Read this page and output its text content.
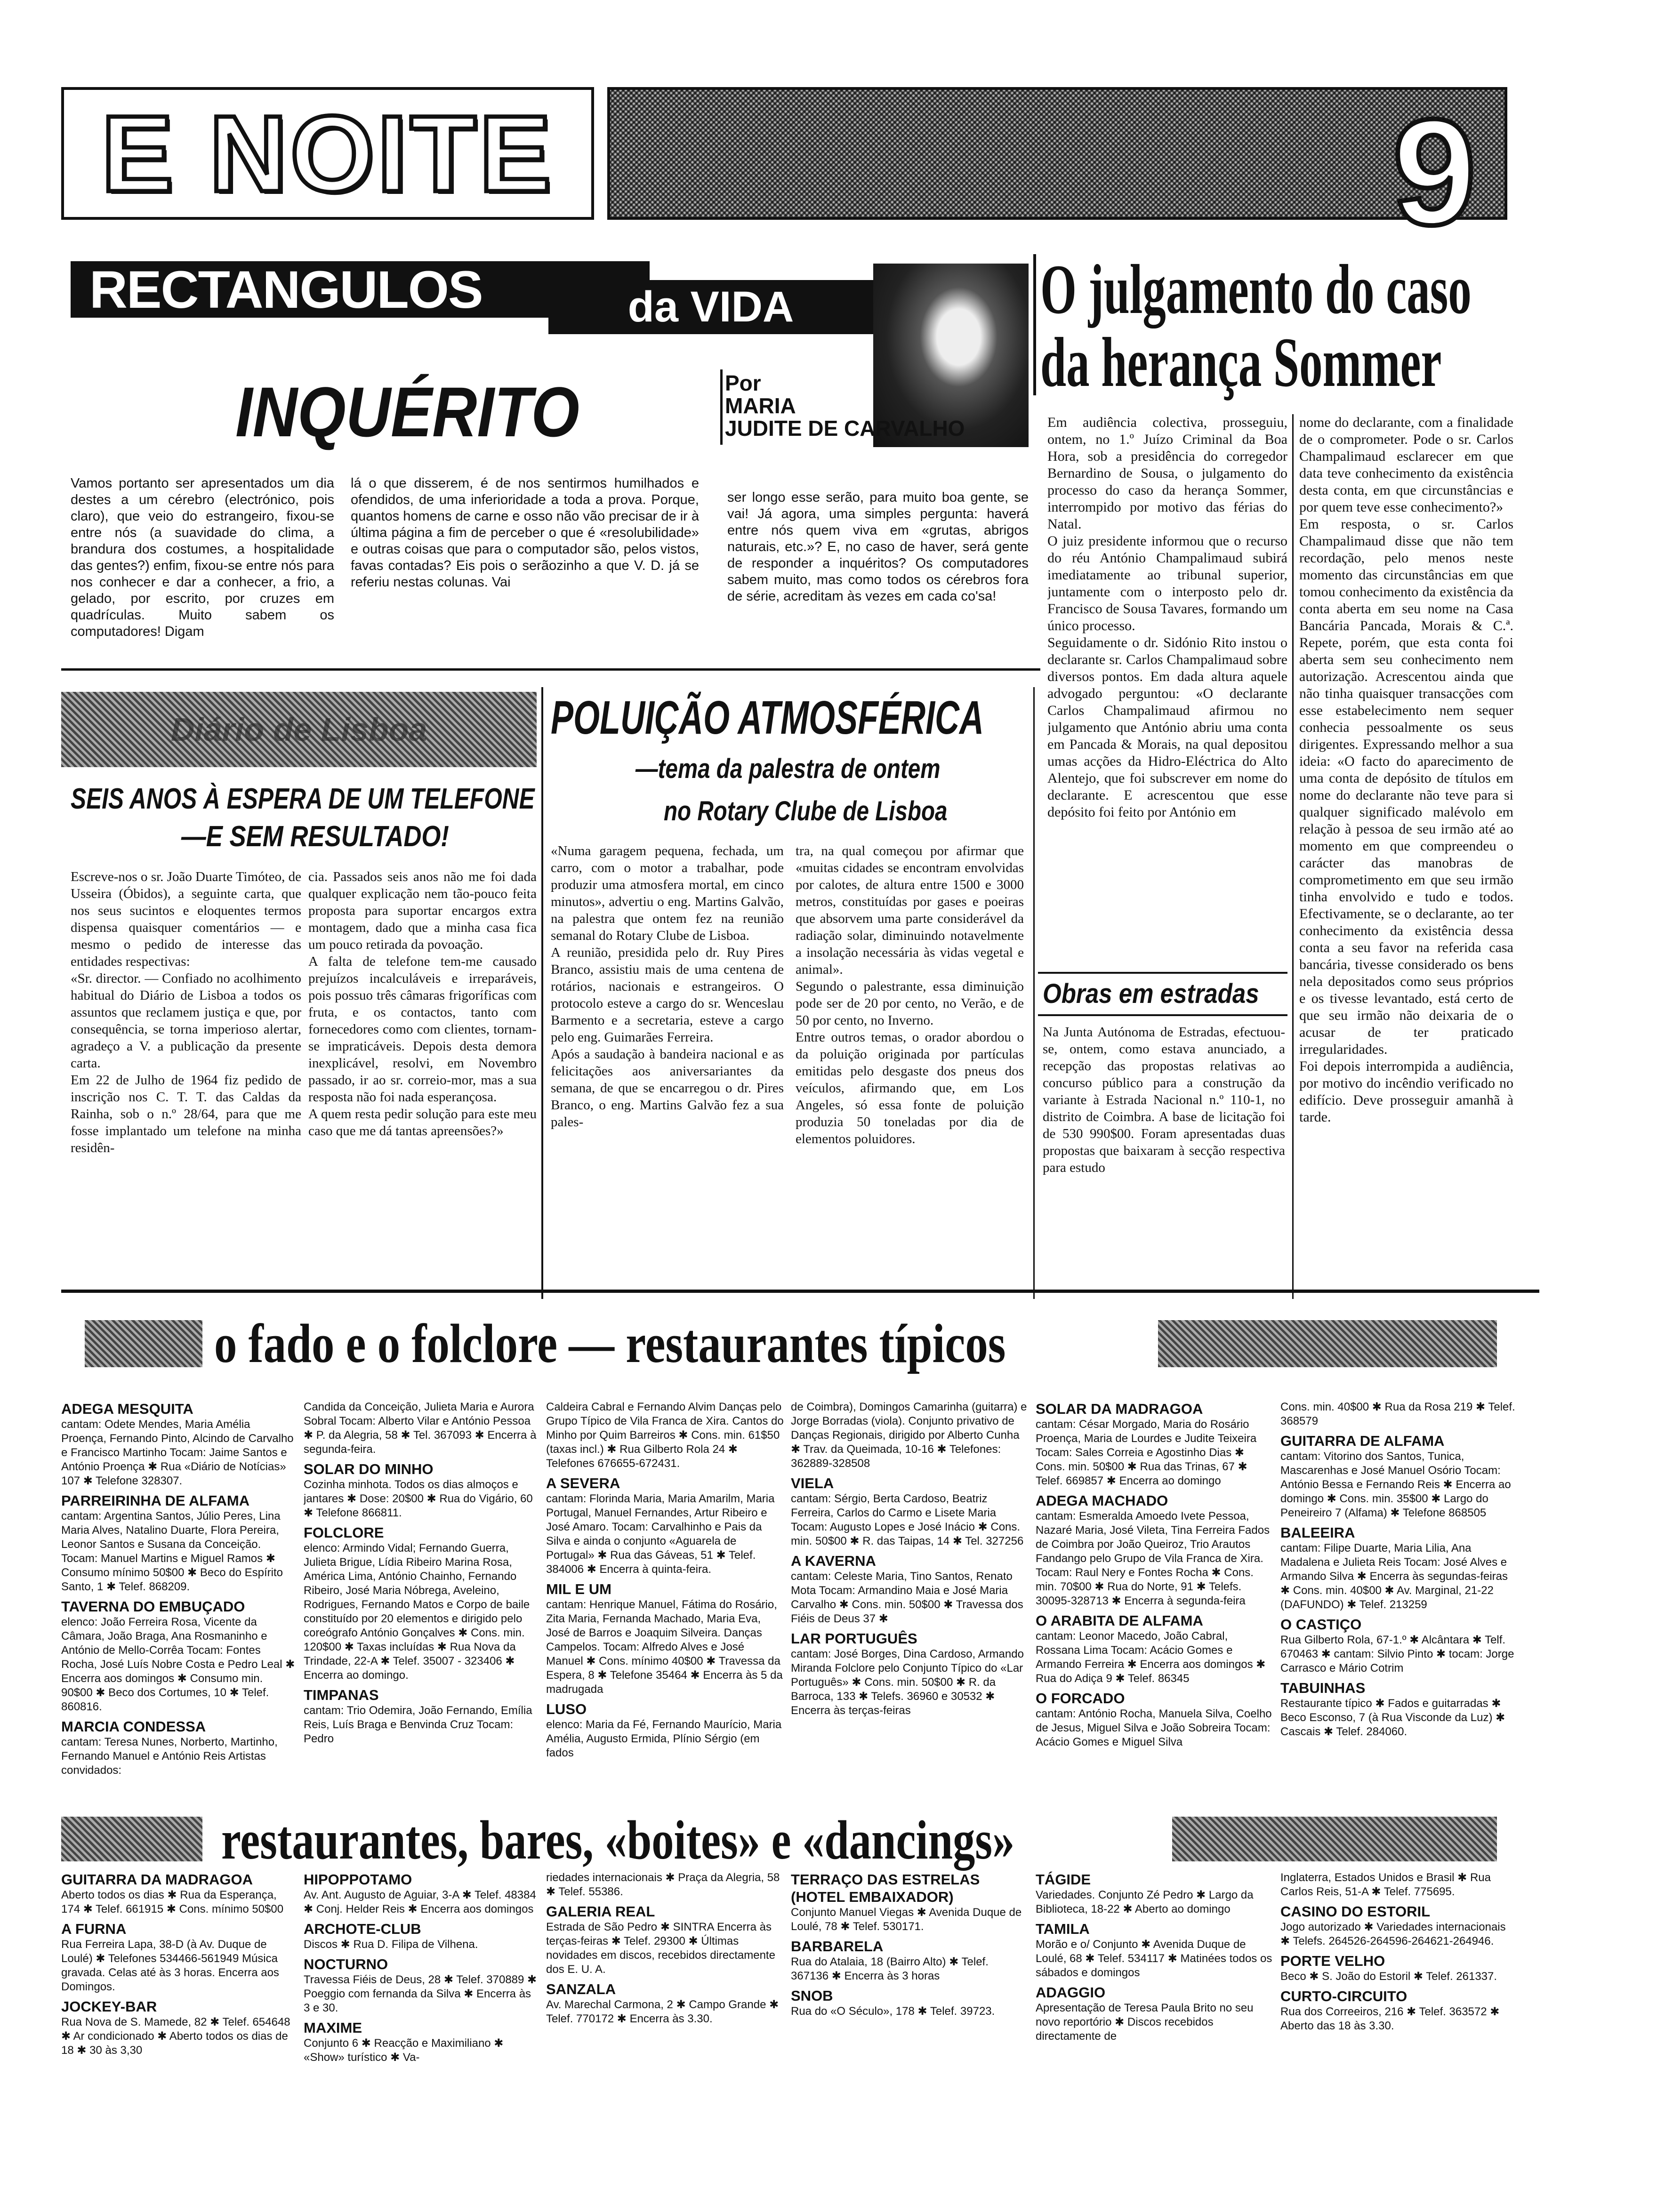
E NOITE	9
RECTANGULOS	da VIDA
INQUÉRITO	Por
MARIA
JUDITE DE CARVALHO
Vamos portanto ser apresentados um dia destes a um cérebro (electrónico, pois claro), que veio do estrangeiro, fixou-se entre nós (a suavidade do clima, a brandura dos costumes, a hospitalidade das gentes?) enfim, fixou-se entre nós para nos conhecer e dar a conhecer, a frio, a gelado, por escrito, por cruzes em quadrículas. Muito sabem os computadores! Digam
lá o que disserem, é de nos sentirmos humilhados e ofendidos, de uma inferioridade a toda a prova. Porque, quantos homens de carne e osso não vão precisar de ir à última página a fim de perceber o que é «resolubilidade» e outras coisas que para o computador são, pelos vistos, favas contadas? Eis pois o serãozinho a que V. D. já se referiu nestas colunas. Vai
ser longo esse serão, para muito boa gente, se vai! Já agora, uma simples pergunta: haverá entre nós quem viva em «grutas, abrigos naturais, etc.»? E, no caso de haver, será gente de responder a inquéritos? Os computadores sabem muito, mas como todos os cérebros fora de série, acreditam às vezes em cada co'sa!
O julgamento do caso
da herança Sommer
Em audiência colectiva, prosseguiu, ontem, no 1.º Juízo Criminal da Boa Hora, sob a presidência do corregedor Bernardino de Sousa, o julgamento do processo do caso da herança Sommer, interrompido por motivo das férias do Natal.
O juiz presidente informou que o recurso do réu António Champalimaud subirá imediatamente ao tribunal superior, juntamente com o interposto pelo dr. Francisco de Sousa Tavares, formando um único processo.
Seguidamente o dr. Sidónio Rito instou o declarante sr. Carlos Champalimaud sobre diversos pontos. Em dada altura aquele advogado perguntou: «O declarante Carlos Champalimaud afirmou no julgamento que António abriu uma conta em Pancada & Morais, na qual depositou umas acções da Hidro-Eléctrica do Alto Alentejo, que foi subscrever em nome do declarante. E acrescentou que esse depósito foi feito por António em
nome do declarante, com a finalidade de o comprometer. Pode o sr. Carlos Champalimaud esclarecer em que data teve conhecimento da existência desta conta, em que circunstâncias e por quem teve esse conhecimento?»
Em resposta, o sr. Carlos Champalimaud disse que não tem recordação, pelo menos neste momento das circunstâncias em que tomou conhecimento da existência da conta aberta em seu nome na Casa Bancária Pancada, Morais & C.ª. Repete, porém, que esta conta foi aberta sem seu conhecimento nem autorização. Acrescentou ainda que não tinha quaisquer transacções com esse estabelecimento nem sequer conhecia pessoalmente os seus dirigentes. Expressando melhor a sua ideia: «O facto do aparecimento de uma conta de depósito de títulos em nome do declarante não teve para si qualquer significado malévolo em relação à pessoa de seu irmão até ao momento em que compreendeu o carácter das manobras de comprometimento em que seu irmão tinha envolvido e tudo e todos. Efectivamente, se o declarante, ao ter conhecimento da existência dessa conta a seu favor na referida casa bancária, tivesse considerado os bens nela depositados como seus próprios e os tivesse levantado, está certo de que seu irmão não deixaria de o acusar de ter praticado irregularidades.
Foi depois interrompida a audiência, por motivo do incêndio verificado no edifício. Deve prosseguir amanhã à tarde.
Diário de Lisboa
SEIS ANOS À ESPERA DE UM TELEFONE
—E SEM RESULTADO!
Escreve-nos o sr. João Duarte Timóteo, de Usseira (Óbidos), a seguinte carta, que nos seus sucintos e eloquentes termos dispensa quaisquer comentários — e mesmo o pedido de interesse das entidades respectivas:
«Sr. director. — Confiado no acolhimento habitual do Diário de Lisboa a todos os assuntos que reclamem justiça e que, por consequência, se torna imperioso alertar, agradeço a V. a publicação da presente carta.
Em 22 de Julho de 1964 fiz pedido de inscrição nos C. T. T. das Caldas da Rainha, sob o n.º 28/64, para que me fosse implantado um telefone na minha residên-
cia. Passados seis anos não me foi dada qualquer explicação nem tão-pouco feita proposta para suportar encargos extra montagem, dado que a minha casa fica um pouco retirada da povoação.
A falta de telefone tem-me causado prejuízos incalculáveis e irreparáveis, pois possuo três câmaras frigoríficas com fruta, e os contactos, tanto com fornecedores como com clientes, tornam-se impraticáveis. Depois desta demora inexplicável, resolvi, em Novembro passado, ir ao sr. correio-mor, mas a sua resposta não foi nada esperançosa.
A quem resta pedir solução para este meu caso que me dá tantas apreensões?»
POLUIÇÃO ATMOSFÉRICA
—tema da palestra de ontem
no Rotary Clube de Lisboa
«Numa garagem pequena, fechada, um carro, com o motor a trabalhar, pode produzir uma atmosfera mortal, em cinco minutos», advertiu o eng. Martins Galvão, na palestra que ontem fez na reunião semanal do Rotary Clube de Lisboa.
A reunião, presidida pelo dr. Ruy Pires Branco, assistiu mais de uma centena de rotários, nacionais e estrangeiros. O protocolo esteve a cargo do sr. Wenceslau Barmento e a secretaria, esteve a cargo pelo eng. Guimarães Ferreira.
Após a saudação à bandeira nacional e as felicitações aos aniversariantes da semana, de que se encarregou o dr. Pires Branco, o eng. Martins Galvão fez a sua pales-
tra, na qual começou por afirmar que «muitas cidades se encontram envolvidas por calotes, de altura entre 1500 e 3000 metros, constituídas por gases e poeiras que absorvem uma parte considerável da radiação solar, diminuindo notavelmente a insolação necessária às vidas vegetal e animal».
Segundo o palestrante, essa diminuição pode ser de 20 por cento, no Verão, e de 50 por cento, no Inverno.
Entre outros temas, o orador abordou o da poluição originada por partículas emitidas pelo desgaste dos pneus dos veículos, afirmando que, em Los Angeles, só essa fonte de poluição produzia 50 toneladas por dia de elementos poluidores.
Obras em estradas
Na Junta Autónoma de Estradas, efectuou-se, ontem, como estava anunciado, a recepção das propostas relativas ao concurso público para a construção da variante à Estrada Nacional n.º 110-1, no distrito de Coimbra. A base de licitação foi de 530 990$00. Foram apresentadas duas propostas que baixaram à secção respectiva para estudo
o fado e o folclore — restaurantes típicos
ADEGA MESQUITA
cantam: Odete Mendes, Maria Amélia Proença, Fernando Pinto, Alcindo de Carvalho e Francisco Martinho Tocam: Jaime Santos e António Proença ✱ Rua «Diário de Notícias» 107 ✱ Telefone 328307.
PARREIRINHA DE ALFAMA
cantam: Argentina Santos, Júlio Peres, Lina Maria Alves, Natalino Duarte, Flora Pereira, Leonor Santos e Susana da Conceição. Tocam: Manuel Martins e Miguel Ramos ✱ Consumo mínimo 50$00 ✱ Beco do Espírito Santo, 1 ✱ Telef. 868209.
TAVERNA DO EMBUÇADO
elenco: João Ferreira Rosa, Vicente da Câmara, João Braga, Ana Rosmaninho e António de Mello-Corrêa Tocam: Fontes Rocha, José Luís Nobre Costa e Pedro Leal ✱ Encerra aos domingos ✱ Consumo min. 90$00 ✱ Beco dos Cortumes, 10 ✱ Telef. 860816.
MARCIA CONDESSA
cantam: Teresa Nunes, Norberto, Martinho, Fernando Manuel e António Reis Artistas convidados:
Candida da Conceição, Julieta Maria e Aurora Sobral Tocam: Alberto Vilar e António Pessoa ✱ P. da Alegria, 58 ✱ Tel. 367093 ✱ Encerra à segunda-feira.
SOLAR DO MINHO
Cozinha minhota. Todos os dias almoços e jantares ✱ Dose: 20$00 ✱ Rua do Vigário, 60 ✱ Telefone 866811.
FOLCLORE
elenco: Armindo Vidal; Fernando Guerra, Julieta Brigue, Lídia Ribeiro Marina Rosa, América Lima, António Chainho, Fernando Ribeiro, José Maria Nóbrega, Aveleino, Rodrigues, Fernando Matos e Corpo de baile constituído por 20 elementos e dirigido pelo coreógrafo António Gonçalves ✱ Cons. min. 120$00 ✱ Taxas incluídas ✱ Rua Nova da Trindade, 22-A ✱ Telef. 35007 - 323406 ✱ Encerra ao domingo.
TIMPANAS
cantam: Trio Odemira, João Fernando, Emília Reis, Luís Braga e Benvinda Cruz Tocam: Pedro
Caldeira Cabral e Fernando Alvim Danças pelo Grupo Típico de Vila Franca de Xira. Cantos do Minho por Quim Barreiros ✱ Cons. min. 61$50 (taxas incl.) ✱ Rua Gilberto Rola 24 ✱ Telefones 676655-672431.
A SEVERA
cantam: Florinda Maria, Maria Amarilm, Maria Portugal, Manuel Fernandes, Artur Ribeiro e José Amaro. Tocam: Carvalhinho e Pais da Silva e ainda o conjunto «Aguarela de Portugal» ✱ Rua das Gáveas, 51 ✱ Telef. 384006 ✱ Encerra à quinta-feira.
MIL E UM
cantam: Henrique Manuel, Fátima do Rosário, Zita Maria, Fernanda Machado, Maria Eva, José de Barros e Joaquim Silveira. Danças Campelos. Tocam: Alfredo Alves e José Manuel ✱ Cons. mínimo 40$00 ✱ Travessa da Espera, 8 ✱ Telefone 35464 ✱ Encerra às 5 da madrugada
LUSO
elenco: Maria da Fé, Fernando Maurício, Maria Amélia, Augusto Ermida, Plínio Sérgio (em fados
de Coimbra), Domingos Camarinha (guitarra) e Jorge Borradas (viola). Conjunto privativo de Danças Regionais, dirigido por Alberto Cunha ✱ Trav. da Queimada, 10-16 ✱ Telefones: 362889-328508
VIELA
cantam: Sérgio, Berta Cardoso, Beatriz Ferreira, Carlos do Carmo e Lisete Maria Tocam: Augusto Lopes e José Inácio ✱ Cons. min. 50$00 ✱ R. das Taipas, 14 ✱ Tel. 327256
A KAVERNA
cantam: Celeste Maria, Tino Santos, Renato Mota Tocam: Armandino Maia e José Maria Carvalho ✱ Cons. min. 50$00 ✱ Travessa dos Fiéis de Deus 37 ✱
LAR PORTUGUÊS
cantam: José Borges, Dina Cardoso, Armando Miranda Folclore pelo Conjunto Típico do «Lar Português» ✱ Cons. min. 50$00 ✱ R. da Barroca, 133 ✱ Telefs. 36960 e 30532 ✱ Encerra às terças-feiras
SOLAR DA MADRAGOA
cantam: César Morgado, Maria do Rosário Proença, Maria de Lourdes e Judite Teixeira Tocam: Sales Correia e Agostinho Dias ✱ Cons. min. 50$00 ✱ Rua das Trinas, 67 ✱ Telef. 669857 ✱ Encerra ao domingo
ADEGA MACHADO
cantam: Esmeralda Amoedo Ivete Pessoa, Nazaré Maria, José Vileta, Tina Ferreira Fados de Coimbra por João Queiroz, Trio Arautos Fandango pelo Grupo de Vila Franca de Xira. Tocam: Raul Nery e Fontes Rocha ✱ Cons. min. 70$00 ✱ Rua do Norte, 91 ✱ Telefs. 30095-328713 ✱ Encerra à segunda-feira
O ARABITA DE ALFAMA
cantam: Leonor Macedo, João Cabral, Rossana Lima Tocam: Acácio Gomes e Armando Ferreira ✱ Encerra aos domingos ✱ Rua do Adiça 9 ✱ Telef. 86345
O FORCADO
cantam: António Rocha, Manuela Silva, Coelho de Jesus, Miguel Silva e João Sobreira Tocam: Acácio Gomes e Miguel Silva
Cons. min. 40$00 ✱ Rua da Rosa 219 ✱ Telef. 368579
GUITARRA DE ALFAMA
cantam: Vitorino dos Santos, Tunica, Mascarenhas e José Manuel Osório Tocam: António Bessa e Fernando Reis ✱ Encerra ao domingo ✱ Cons. min. 35$00 ✱ Largo do Peneireiro 7 (Alfama) ✱ Telefone 868505
BALEEIRA
cantam: Filipe Duarte, Maria Lilia, Ana Madalena e Julieta Reis Tocam: José Alves e Armando Silva ✱ Encerra às segundas-feiras ✱ Cons. min. 40$00 ✱ Av. Marginal, 21-22 (DAFUNDO) ✱ Telef. 213259
O CASTIÇO
Rua Gilberto Rola, 67-1.º ✱ Alcântara ✱ Telf. 670463 ✱ cantam: Silvio Pinto ✱ tocam: Jorge Carrasco e Mário Cotrim
TABUINHAS
Restaurante típico ✱ Fados e guitarradas ✱ Beco Esconso, 7 (à Rua Visconde da Luz) ✱ Cascais ✱ Telef. 284060.
restaurantes, bares, «boites» e «dancings»
GUITARRA DA MADRAGOA
Aberto todos os dias ✱ Rua da Esperança, 174 ✱ Telef. 661915 ✱ Cons. mínimo 50$00
A FURNA
Rua Ferreira Lapa, 38-D (à Av. Duque de Loulé) ✱ Telefones 534466-561949 Música gravada. Celas até às 3 horas. Encerra aos Domingos.
JOCKEY-BAR
Rua Nova de S. Mamede, 82 ✱ Telef. 654648 ✱ Ar condicionado ✱ Aberto todos os dias de 18 ✱ 30 às 3,30
HIPOPPOTAMO
Av. Ant. Augusto de Aguiar, 3-A ✱ Telef. 48384 ✱ Conj. Helder Reis ✱ Encerra aos domingos
ARCHOTE-CLUB
Discos ✱ Rua D. Filipa de Vilhena.
NOCTURNO
Travessa Fiéis de Deus, 28 ✱ Telef. 370889 ✱ Poeggio com fernanda da Silva ✱ Encerra às 3 e 30.
MAXIME
Conjunto 6 ✱ Reacção e Maximiliano ✱ «Show» turístico ✱ Va-
riedades internacionais ✱ Praça da Alegria, 58 ✱ Telef. 55386.
GALERIA REAL
Estrada de São Pedro ✱ SINTRA Encerra às terças-feiras ✱ Telef. 29300 ✱ Últimas novidades em discos, recebidos directamente dos E. U. A.
SANZALA
Av. Marechal Carmona, 2 ✱ Campo Grande ✱ Telef. 770172 ✱ Encerra às 3.30.
TERRAÇO DAS ESTRELAS (HOTEL EMBAIXADOR)
Conjunto Manuel Viegas ✱ Avenida Duque de Loulé, 78 ✱ Telef. 530171.
BARBARELA
Rua do Atalaia, 18 (Bairro Alto) ✱ Telef. 367136 ✱ Encerra às 3 horas
SNOB
Rua do «O Século», 178 ✱ Telef. 39723.
TÁGIDE
Variedades. Conjunto Zé Pedro ✱ Largo da Biblioteca, 18-22 ✱ Aberto ao domingo
TAMILA
Morão e o/ Conjunto ✱ Avenida Duque de Loulé, 68 ✱ Telef. 534117 ✱ Matinées todos os sábados e domingos
ADAGGIO
Apresentação de Teresa Paula Brito no seu novo reportório ✱ Discos recebidos directamente de
Inglaterra, Estados Unidos e Brasil ✱ Rua Carlos Reis, 51-A ✱ Telef. 775695.
CASINO DO ESTORIL
Jogo autorizado ✱ Variedades internacionais ✱ Telefs. 264526-264596-264621-264946.
PORTE VELHO
Beco ✱ S. João do Estoril ✱ Telef. 261337.
CURTO-CIRCUITO
Rua dos Correeiros, 216 ✱ Telef. 363572 ✱ Aberto das 18 às 3.30.
